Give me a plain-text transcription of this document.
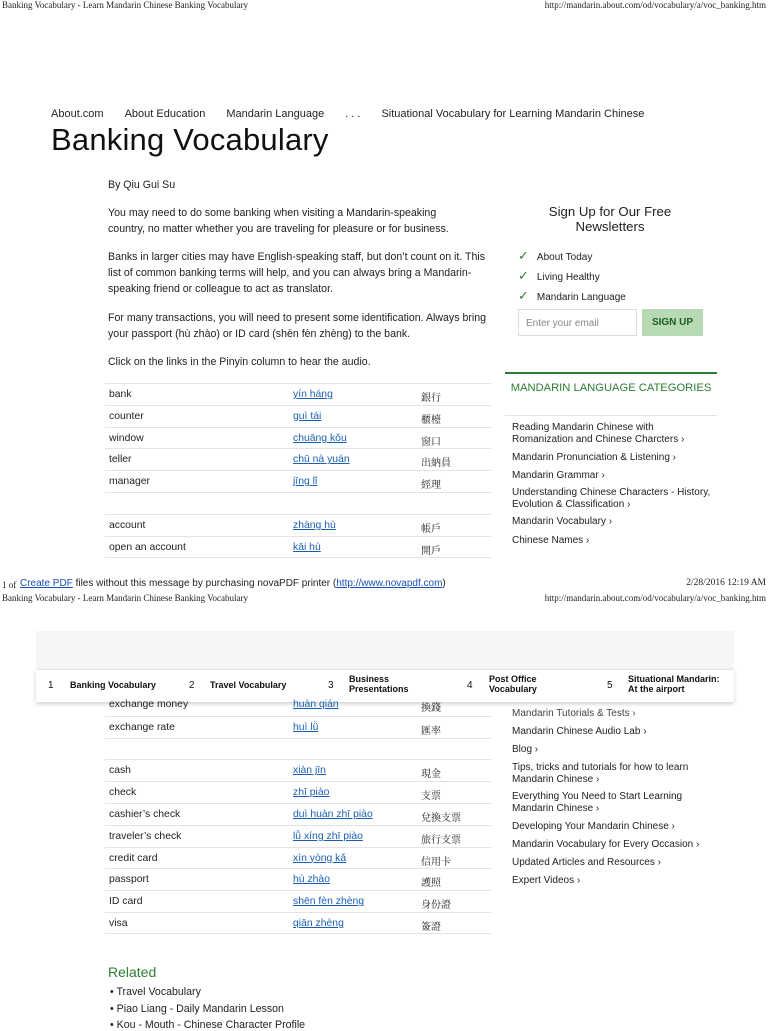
Banking Vocabulary - Learn Mandarin Chinese Banking Vocabulary	http://mandarin.about.com/od/vocabulary/a/voc_banking.htm
About.com About Education Mandarin Language . . . Situational Vocabulary for Learning Mandarin Chinese
Banking Vocabulary
By Qiu Gui Su
You may need to do some banking when visiting a Mandarin-speaking country, no matter whether you are traveling for pleasure or for business.
Banks in larger cities may have English-speaking staff, but don’t count on it. This list of common banking terms will help, and you can always bring a Mandarin-speaking friend or colleague to act as translator.
For many transactions, you will need to present some identification. Always bring your passport (hù zhào) or ID card (shēn fèn zhèng) to the bank.
Click on the links in the Pinyin column to hear the audio.
bank	yín háng	銀行
counter	guì tái	櫃檯
window	chuāng kǒu	窗口
teller	chū nà yuán	出納員
manager	jīng lǐ	經理
account	zhàng hù	帳戶
open an account	kāi hù	開戶
Sign Up for Our Free Newsletters
✓ About Today
✓ Living Healthy
✓ Mandarin Language
Enter your email	SIGN UP
MANDARIN LANGUAGE CATEGORIES
Reading Mandarin Chinese with Romanization and Chinese Charcters ›
Mandarin Pronunciation & Listening ›
Mandarin Grammar ›
Understanding Chinese Characters - History, Evolution & Classification ›
Mandarin Vocabulary ›
Chinese Names ›
1 of Create PDF files without this message by purchasing novaPDF printer (http://www.novapdf.com)	2/28/2016 12:19 AM
Banking Vocabulary - Learn Mandarin Chinese Banking Vocabulary	http://mandarin.about.com/od/vocabulary/a/voc_banking.htm
1 Banking Vocabulary	2 Travel Vocabulary	3
Business Presentations	4
Post Office Vocabulary	5
Situational Mandarin: At the airport
exchange money	huàn qián	換錢
exchange rate	huì lǜ	匯率
cash	xiàn jīn	現金
check	zhī piào	支票
cashier’s check	duì huàn zhī piào	兌換支票
traveler’s check	lǚ xíng zhī piào	旅行支票
credit card	xìn yòng kǎ	信用卡
passport	hù zhào	護照
ID card	shēn fèn zhèng	身份證
visa	qiān zhèng	簽證
Mandarin Tutorials & Tests ›
Mandarin Chinese Audio Lab ›
Blog ›
Tips, tricks and tutorials for how to learn Mandarin Chinese ›
Everything You Need to Start Learning Mandarin Chinese ›
Developing Your Mandarin Chinese ›
Mandarin Vocabulary for Every Occasion ›
Updated Articles and Resources ›
Expert Videos ›
Related
• Travel Vocabulary
• Piao Liang - Daily Mandarin Lesson
• Kou - Mouth - Chinese Character Profile
